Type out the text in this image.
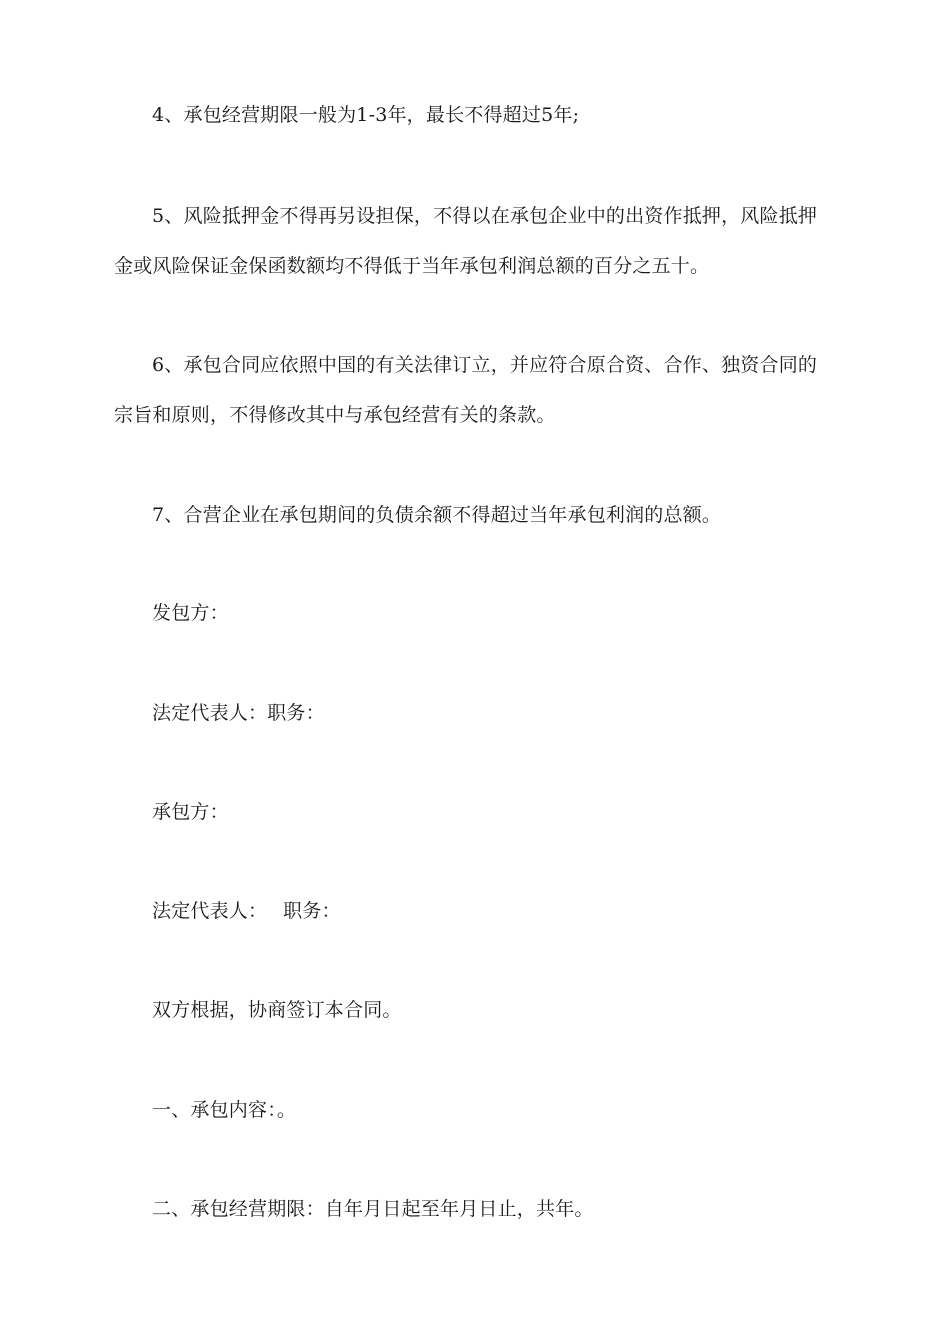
4、承包经营期限一般为1-3年，最长不得超过5年;

5、风险抵押金不得再另设担保，不得以在承包企业中的出资作抵押，风险抵押金或风险保证金保函数额均不得低于当年承包利润总额的百分之五十。

6、承包合同应依照中国的有关法律订立，并应符合原合资、合作、独资合同的宗旨和原则，不得修改其中与承包经营有关的条款。

7、合营企业在承包期间的负债余额不得超过当年承包利润的总额。

发包方：

法定代表人：职务：

承包方：

法定代表人：　 职务：

双方根据，协商签订本合同。

一、承包内容：。

二、承包经营期限：自年月日起至年月日止，共年。
